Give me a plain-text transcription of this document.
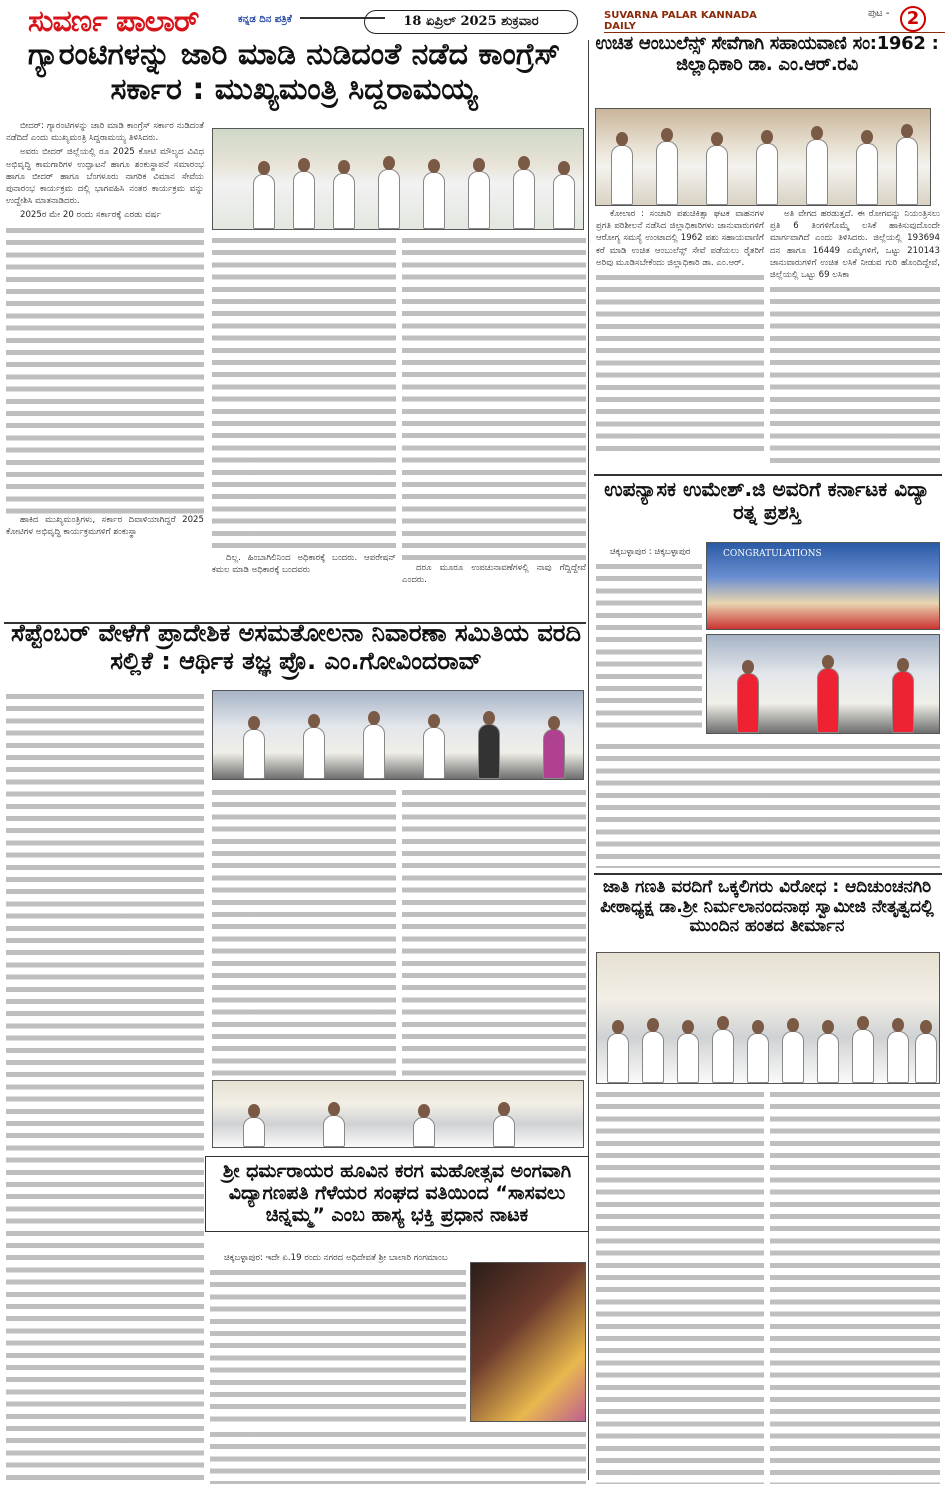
ಸುವರ್ಣ ಪಾಲಾರ್	ಕನ್ನಡ ದಿನ ಪತ್ರಿಕೆ	18 ಏಪ್ರಿಲ್ 2025 ಶುಕ್ರವಾರ	SUVARNA PALAR KANNADA DAILY
ಪುಟ - 2
ಗ್ಯಾರಂಟಿಗಳನ್ನು ಜಾರಿ ಮಾಡಿ ನುಡಿದಂತೆ ನಡೆದ ಕಾಂಗ್ರೆಸ್ ಸರ್ಕಾರ : ಮುಖ್ಯಮಂತ್ರಿ ಸಿದ್ದರಾಮಯ್ಯ

ಬೀದರ್: ಗ್ಯಾರಂಟಿಗಳನ್ನು ಜಾರಿ ಮಾಡಿ ಕಾಂಗ್ರೆಸ್ ಸರ್ಕಾರ ನುಡಿದಂತೆ ನಡೆದಿದೆ ಎಂದು ಮುಖ್ಯಮಂತ್ರಿ ಸಿದ್ದರಾಮಯ್ಯ ತಿಳಿಸಿದರು.

ಅವರು ಬೀದರ್ ಜಿಲ್ಲೆಯಲ್ಲಿ ರೂ 2025 ಕೋಟಿ ಮೌಲ್ಯದ ವಿವಿಧ ಅಭಿವೃದ್ಧಿ ಕಾಮಗಾರಿಗಳ ಉದ್ಘಾಟನೆ ಹಾಗೂ ಶಂಕುಸ್ಥಾಪನೆ ಸಮಾರಂಭ ಹಾಗೂ ಬೀದರ್ ಹಾಗೂ ಬೆಂಗಳೂರು ನಾಗರಿಕ ವಿಮಾನ ಸೇವೆಯ ಪುನಾರಂಭ ಕಾರ್ಯಕ್ರಮ ದಲ್ಲಿ ಭಾಗವಹಿಸಿ ನಂತರ ಕಾರ್ಯಕ್ರಮ ವನ್ನು ಉದ್ದೇಶಿಸಿ ಮಾತನಾಡಿದರು.

2025ರ ಮೇ 20 ರಂದು ಸರ್ಕಾರಕ್ಕೆ ಎರಡು ವರ್ಷ

ಹಾಕಿದ ಮುಖ್ಯಮಂತ್ರಿಗಳು, ಸರ್ಕಾರ ದಿವಾಳಿಯಾಗಿದ್ದರೆ 2025 ಕೋಟಿಗಳ ಅಭಿವೃದ್ಧಿ ಕಾರ್ಯಕ್ರಮಗಳಿಗೆ ಶಂಕುಸ್ಥಾ

ದಿಲ್ಲ. ಹಿಂಬಾಗಿಲಿನಿಂದ ಅಧಿಕಾರಕ್ಕೆ ಬಂದರು. ಆಪರೇಷನ್ ಕಮಲ ಮಾಡಿ ಅಧಿಕಾರಕ್ಕೆ ಬಂದವರು	ದರೂ ಮೂರೂ ಉಪಚುನಾವಣೆಗಳಲ್ಲಿ ನಾವು ಗೆದ್ದಿದ್ದೇವೆ ಎಂದರು.

ಉಚಿತ ಆಂಬುಲೆನ್ಸ್ ಸೇವೆಗಾಗಿ ಸಹಾಯವಾಣಿ ಸಂ:1962 : ಜಿಲ್ಲಾಧಿಕಾರಿ ಡಾ. ಎಂ.ಆರ್.ರವಿ

ಕೋಲಾರ : ಸಂಚಾರಿ ಪಶುಚಿಕಿತ್ಸಾ ಘಟಕ ವಾಹನಗಳ ಪ್ರಗತಿ ಪರಿಶೀಲನೆ ನಡೆಸಿದ ಜಿಲ್ಲಾಧಿಕಾರಿಗಳು ಜಾನುವಾರುಗಳಿಗೆ ಆರೋಗ್ಯ ಸಮಸ್ಯೆ ಉಂಟಾದಲ್ಲಿ 1962 ಪಶು ಸಹಾಯವಾಣಿಗೆ ಕರೆ ಮಾಡಿ ಉಚಿತ ಆಂಬುಲೆನ್ಸ್ ಸೇವೆ ಪಡೆಯಲು ರೈತರಿಗೆ ಅರಿವು ಮೂಡಿಸಬೇಕೆಂದು ಜಿಲ್ಲಾಧಿಕಾರಿ ಡಾ. ಎಂ.ಆರ್.

ಅತಿ ವೇಗದ ಹರಡುತ್ತದೆ. ಈ ರೋಗವನ್ನು ನಿಯಂತ್ರಿಸಲು ಪ್ರತಿ 6 ತಿಂಗಳಿಗೊಮ್ಮೆ ಲಸಿಕೆ ಹಾಕಿಸುವುದೊಂದೇ ಮಾರ್ಗವಾಗಿದೆ ಎಂದು ತಿಳಿಸಿದರು. ಜಿಲ್ಲೆಯಲ್ಲಿ 193694 ದನ ಹಾಗೂ 16449 ಎಮ್ಮೆಗಳಿಗೆ, ಒಟ್ಟು 210143 ಜಾನುವಾರುಗಳಿಗೆ ಉಚಿತ ಲಸಿಕೆ ನೀಡುವ ಗುರಿ ಹೊಂದಿದ್ದೇವೆ, ಜಿಲ್ಲೆಯಲ್ಲಿ ಒಟ್ಟು 69 ಲಸಿಕಾ

ಉಪನ್ಯಾಸಕ ಉಮೇಶ್.ಜಿ ಅವರಿಗೆ ಕರ್ನಾಟಕ ವಿದ್ಯಾ ರತ್ನ ಪ್ರಶಸ್ತಿ

ಚಿಕ್ಕಬಳ್ಳಾಪುರ : ಚಿಕ್ಕಬಳ್ಳಾಪುರ	CONGRATULATIONS
ಜಾತಿ ಗಣತಿ ವರದಿಗೆ ಒಕ್ಕಲಿಗರು ವಿರೋಧ : ಆದಿಚುಂಚನಗಿರಿ ಪೀಠಾಧ್ಯಕ್ಷ ಡಾ.ಶ್ರೀ ನಿರ್ಮಲಾನಂದನಾಥ ಸ್ವಾಮೀಜಿ ನೇತೃತ್ವದಲ್ಲಿ ಮುಂದಿನ ಹಂತದ ತೀರ್ಮಾನ
ಸೆಪ್ಟೆಂಬರ್ ವೇಳೆಗೆ ಪ್ರಾದೇಶಿಕ ಅಸಮತೋಲನಾ ನಿವಾರಣಾ ಸಮಿತಿಯ ವರದಿ ಸಲ್ಲಿಕೆ : ಆರ್ಥಿಕ ತಜ್ಞ ಪ್ರೊ. ಎಂ.ಗೋವಿಂದರಾವ್
ಶ್ರೀ ಧರ್ಮರಾಯರ ಹೂವಿನ ಕರಗ ಮಹೋತ್ಸವ ಅಂಗವಾಗಿ ವಿದ್ಯಾಗಣಪತಿ ಗೆಳೆಯರ ಸಂಘದ ವತಿಯಿಂದ “ಸಾಸವಲು ಚಿನ್ನಮ್ಮ” ಎಂಬ ಹಾಸ್ಯ ಭಕ್ತಿ ಪ್ರಧಾನ ನಾಟಕ

ಚಿಕ್ಕಬಳ್ಳಾಪುರ: ಇದೇ ಏ.19 ರಂದು ನಗರದ ಅಧಿದೇವತೆ ಶ್ರೀ ಬಾಲಾರಿ ಗಂಗಮಾಂಬ
